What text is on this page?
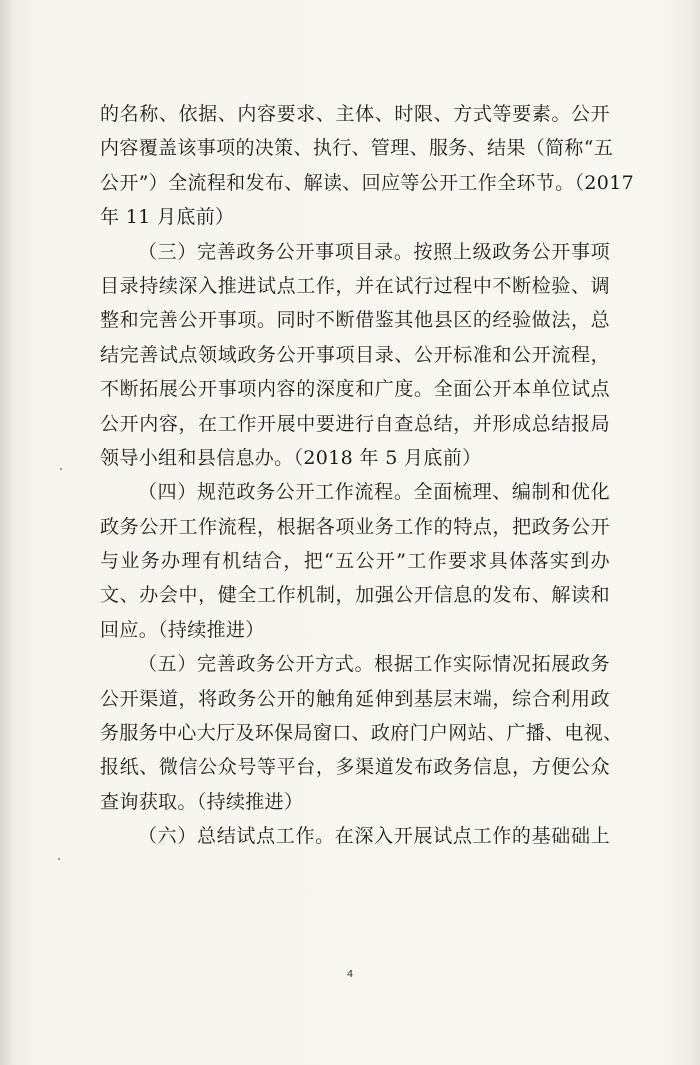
的名称、依据、内容要求、主体、时限、方式等要素。公开
内容覆盖该事项的决策、执行、管理、服务、结果（简称“五
公开”）全流程和发布、解读、回应等公开工作全环节。（2017
年 11 月底前）
（三）完善政务公开事项目录。按照上级政务公开事项
目录持续深入推进试点工作，并在试行过程中不断检验、调
整和完善公开事项。同时不断借鉴其他县区的经验做法，总
结完善试点领域政务公开事项目录、公开标准和公开流程，
不断拓展公开事项内容的深度和广度。全面公开本单位试点
公开内容，在工作开展中要进行自查总结，并形成总结报局
领导小组和县信息办。（2018 年 5 月底前）
（四）规范政务公开工作流程。全面梳理、编制和优化
政务公开工作流程，根据各项业务工作的特点，把政务公开
与业务办理有机结合，把“五公开”工作要求具体落实到办
文、办会中，健全工作机制，加强公开信息的发布、解读和
回应。（持续推进）
（五）完善政务公开方式。根据工作实际情况拓展政务
公开渠道，将政务公开的触角延伸到基层末端，综合利用政
务服务中心大厅及环保局窗口、政府门户网站、广播、电视、
报纸、微信公众号等平台，多渠道发布政务信息，方便公众
查询获取。（持续推进）
（六）总结试点工作。在深入开展试点工作的基础础上
4
